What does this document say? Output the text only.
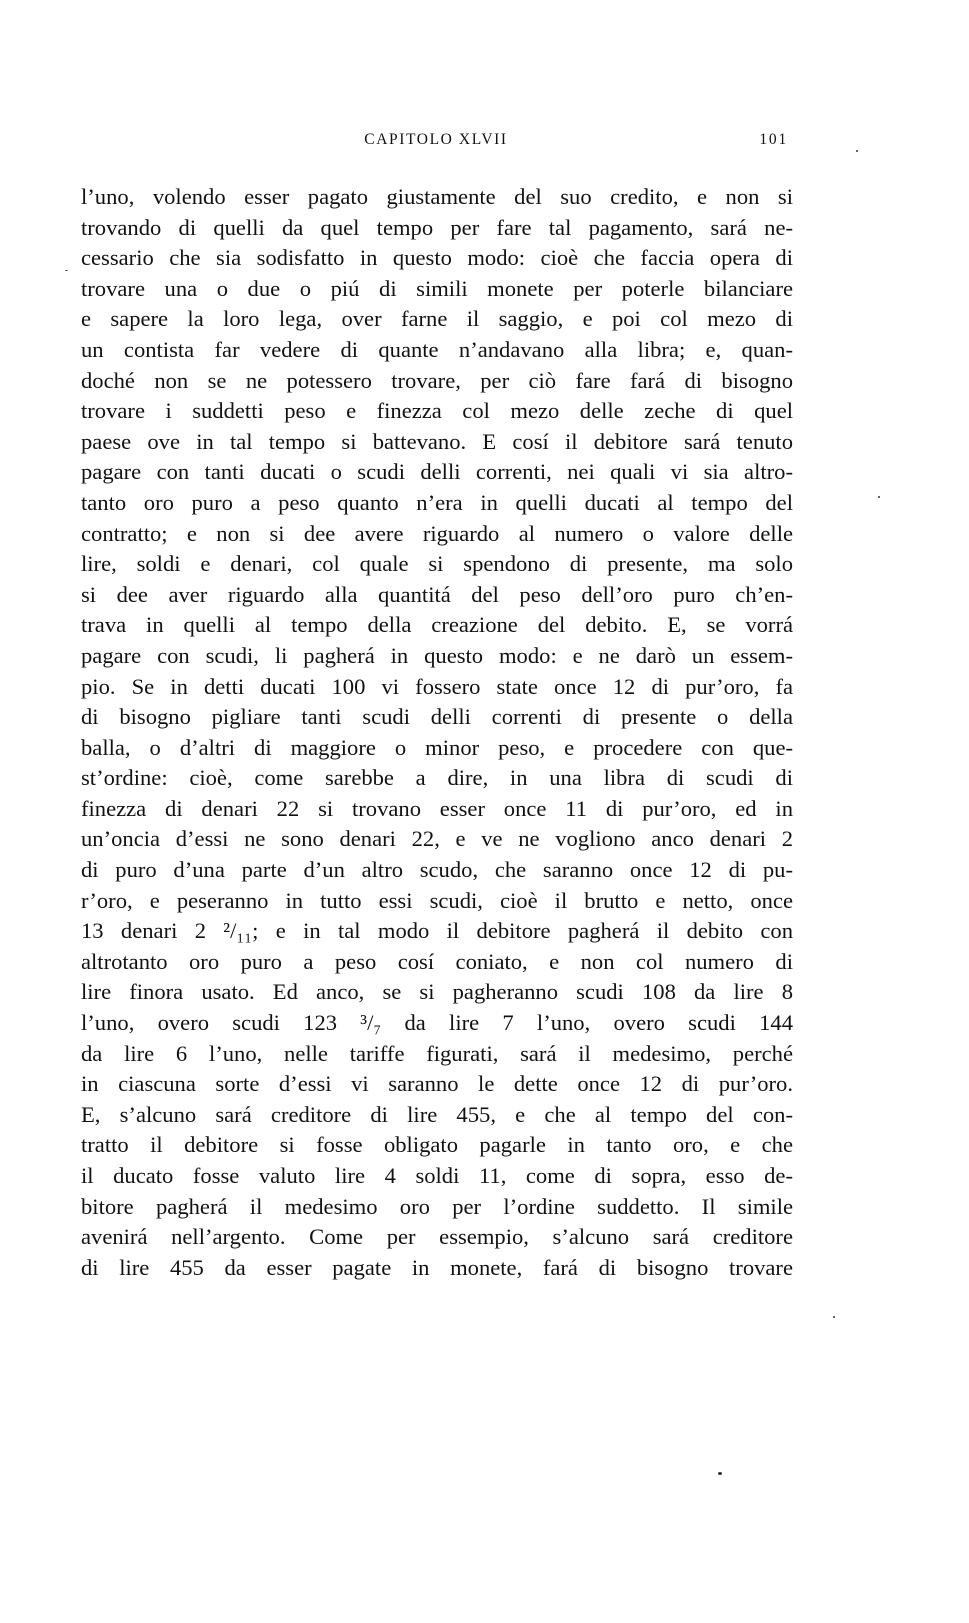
CAPITOLO XLVII	101
l’uno, volendo esser pagato giustamente del suo credito, e non si
trovando di quelli da quel tempo per fare tal pagamento, sará ne-
cessario che sia sodisfatto in questo modo: cioè che faccia opera di
trovare una o due o piú di simili monete per poterle bilanciare
e sapere la loro lega, over farne il saggio, e poi col mezo di
un contista far vedere di quante n’andavano alla libra; e, quan-
doché non se ne potessero trovare, per ciò fare fará di bisogno
trovare i suddetti peso e finezza col mezo delle zeche di quel
paese ove in tal tempo si battevano. E cosí il debitore sará tenuto
pagare con tanti ducati o scudi delli correnti, nei quali vi sia altro-
tanto oro puro a peso quanto n’era in quelli ducati al tempo del
contratto; e non si dee avere riguardo al numero o valore delle
lire, soldi e denari, col quale si spendono di presente, ma solo
si dee aver riguardo alla quantitá del peso dell’oro puro ch’en-
trava in quelli al tempo della creazione del debito. E, se vorrá
pagare con scudi, li pagherá in questo modo: e ne darò un essem-
pio. Se in detti ducati 100 vi fossero state once 12 di pur’oro, fa
di bisogno pigliare tanti scudi delli correnti di presente o della
balla, o d’altri di maggiore o minor peso, e procedere con que-
st’ordine: cioè, come sarebbe a dire, in una libra di scudi di
finezza di denari 22 si trovano esser once 11 di pur’oro, ed in
un’oncia d’essi ne sono denari 22, e ve ne vogliono anco denari 2
di puro d’una parte d’un altro scudo, che saranno once 12 di pu-
r’oro, e peseranno in tutto essi scudi, cioè il brutto e netto, once
13 denari 2 ²/₁₁; e in tal modo il debitore pagherá il debito con
altrotanto oro puro a peso cosí coniato, e non col numero di
lire finora usato. Ed anco, se si pagheranno scudi 108 da lire 8
l’uno, overo scudi 123 ³/₇ da lire 7 l’uno, overo scudi 144
da lire 6 l’uno, nelle tariffe figurati, sará il medesimo, perché
in ciascuna sorte d’essi vi saranno le dette once 12 di pur’oro.
E, s’alcuno sará creditore di lire 455, e che al tempo del con-
tratto il debitore si fosse obligato pagarle in tanto oro, e che
il ducato fosse valuto lire 4 soldi 11, come di sopra, esso de-
bitore pagherá il medesimo oro per l’ordine suddetto. Il simile
avenirá nell’argento. Come per essempio, s’alcuno sará creditore
di lire 455 da esser pagate in monete, fará di bisogno trovare
